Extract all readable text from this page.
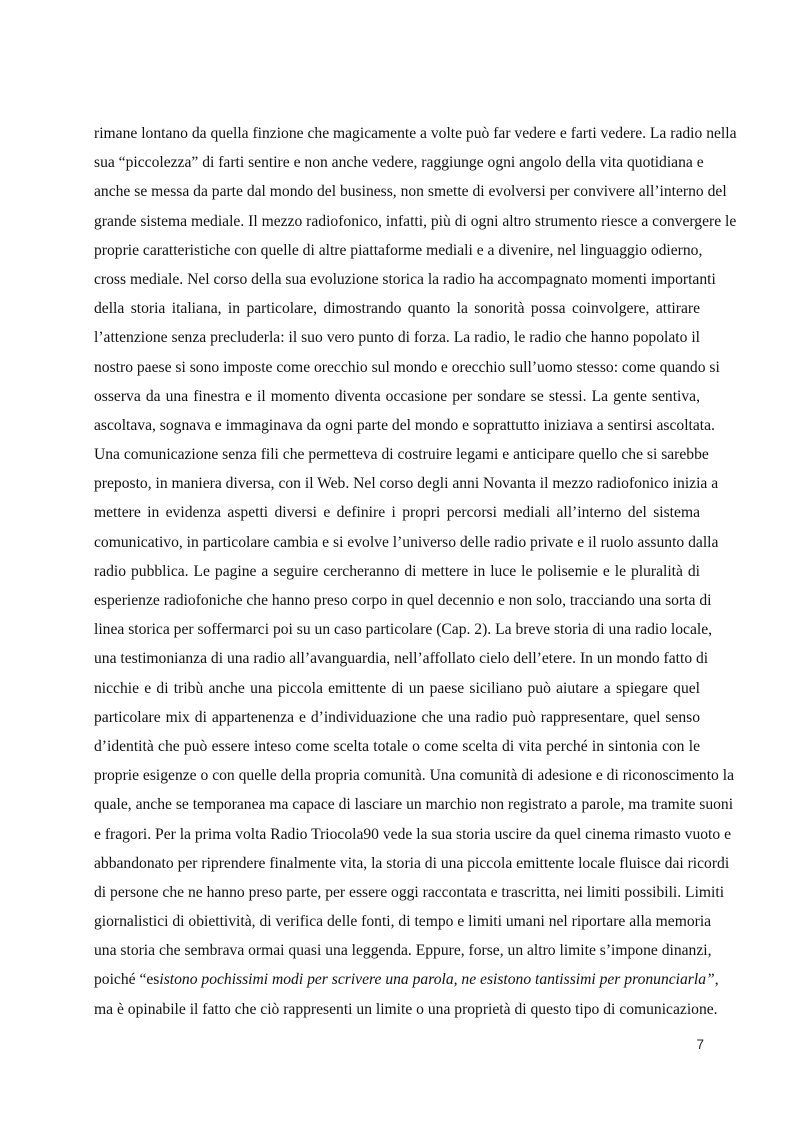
rimane lontano da quella finzione che magicamente a volte può far vedere e farti vedere. La radio nella
sua “piccolezza” di farti sentire e non anche vedere, raggiunge ogni angolo della vita quotidiana e
anche se messa da parte dal mondo del business, non smette di evolversi per convivere all’interno del
grande sistema mediale. Il mezzo radiofonico, infatti, più di ogni altro strumento riesce a convergere le
proprie caratteristiche con quelle di altre piattaforme mediali e a divenire, nel linguaggio odierno,
cross mediale. Nel corso della sua evoluzione storica la radio ha accompagnato momenti importanti
della storia italiana, in particolare, dimostrando quanto la sonorità possa coinvolgere, attirare
l’attenzione senza precluderla: il suo vero punto di forza. La radio, le radio che hanno popolato il
nostro paese si sono imposte come orecchio sul mondo e orecchio sull’uomo stesso: come quando si
osserva da una finestra e il momento diventa occasione per sondare se stessi. La gente sentiva,
ascoltava, sognava e immaginava da ogni parte del mondo e soprattutto iniziava a sentirsi ascoltata.
Una comunicazione senza fili che permetteva di costruire legami e anticipare quello che si sarebbe
preposto, in maniera diversa, con il Web. Nel corso degli anni Novanta il mezzo radiofonico inizia a
mettere in evidenza aspetti diversi e definire i propri percorsi mediali all’interno del sistema
comunicativo, in particolare cambia e si evolve l’universo delle radio private e il ruolo assunto dalla
radio pubblica. Le pagine a seguire cercheranno di mettere in luce le polisemie e le pluralità di
esperienze radiofoniche che hanno preso corpo in quel decennio e non solo, tracciando una sorta di
linea storica per soffermarci poi su un caso particolare (Cap. 2). La breve storia di una radio locale,
una testimonianza di una radio all’avanguardia, nell’affollato cielo dell’etere. In un mondo fatto di
nicchie e di tribù anche una piccola emittente di un paese siciliano può aiutare a spiegare quel
particolare mix di appartenenza e d’individuazione che una radio può rappresentare, quel senso
d’identità che può essere inteso come scelta totale o come scelta di vita perché in sintonia con le
proprie esigenze o con quelle della propria comunità. Una comunità di adesione e di riconoscimento la
quale, anche se temporanea ma capace di lasciare un marchio non registrato a parole, ma tramite suoni
e fragori. Per la prima volta Radio Triocola90 vede la sua storia uscire da quel cinema rimasto vuoto e
abbandonato per riprendere finalmente vita, la storia di una piccola emittente locale fluisce dai ricordi
di persone che ne hanno preso parte, per essere oggi raccontata e trascritta, nei limiti possibili. Limiti
giornalistici di obiettività, di verifica delle fonti, di tempo e limiti umani nel riportare alla memoria
una storia che sembrava ormai quasi una leggenda. Eppure, forse, un altro limite s’impone dinanzi,
poiché “esistono pochissimi modi per scrivere una parola, ne esistono tantissimi per pronunciarla”,
ma è opinabile il fatto che ciò rappresenti un limite o una proprietà di questo tipo di comunicazione.
7
